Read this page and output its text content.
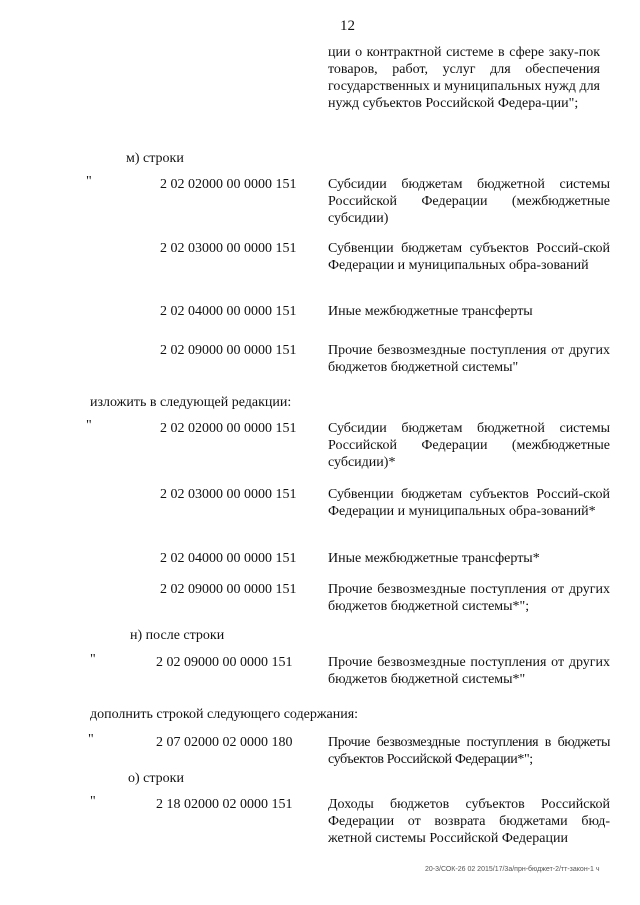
12
ции о контрактной системе в сфере заку-пок товаров, работ, услуг для обеспечения государственных и муниципальных нужд для нужд субъектов Российской Федера-ции";
м) строки
"	2 02 02000 00 0000 151 Субсидии бюджетам бюджетной системы Российской Федерации (межбюджетные субсидии)
2 02 03000 00 0000 151 Субвенции бюджетам субъектов Россий-ской Федерации и муниципальных обра-зований
2 02 04000 00 0000 151 Иные межбюджетные трансферты
2 02 09000 00 0000 151 Прочие безвозмездные поступления от других бюджетов бюджетной системы"
изложить в следующей редакции:
"	2 02 02000 00 0000 151 Субсидии бюджетам бюджетной системы Российской Федерации (межбюджетные субсидии)*
2 02 03000 00 0000 151 Субвенции бюджетам субъектов Россий-ской Федерации и муниципальных обра-зований*
2 02 04000 00 0000 151 Иные межбюджетные трансферты*
2 02 09000 00 0000 151 Прочие безвозмездные поступления от других бюджетов бюджетной системы*";
н) после строки
"	2 02 09000 00 0000 151	Прочие безвозмездные поступления от других бюджетов бюджетной системы*"
дополнить строкой следующего содержания:
"	2 07 02000 02 0000 180	Прочие безвозмездные поступления в бюджеты субъектов Российской Федерации*";
о) строки
"	2 18 02000 02 0000 151	Доходы бюджетов субъектов Российской Федерации от возврата бюджетами бюд-жетной системы Российской Федерации
20-3/СОК-26 02 2015/17/3а/прн-бюджет-2/тт-закон-1 ч
